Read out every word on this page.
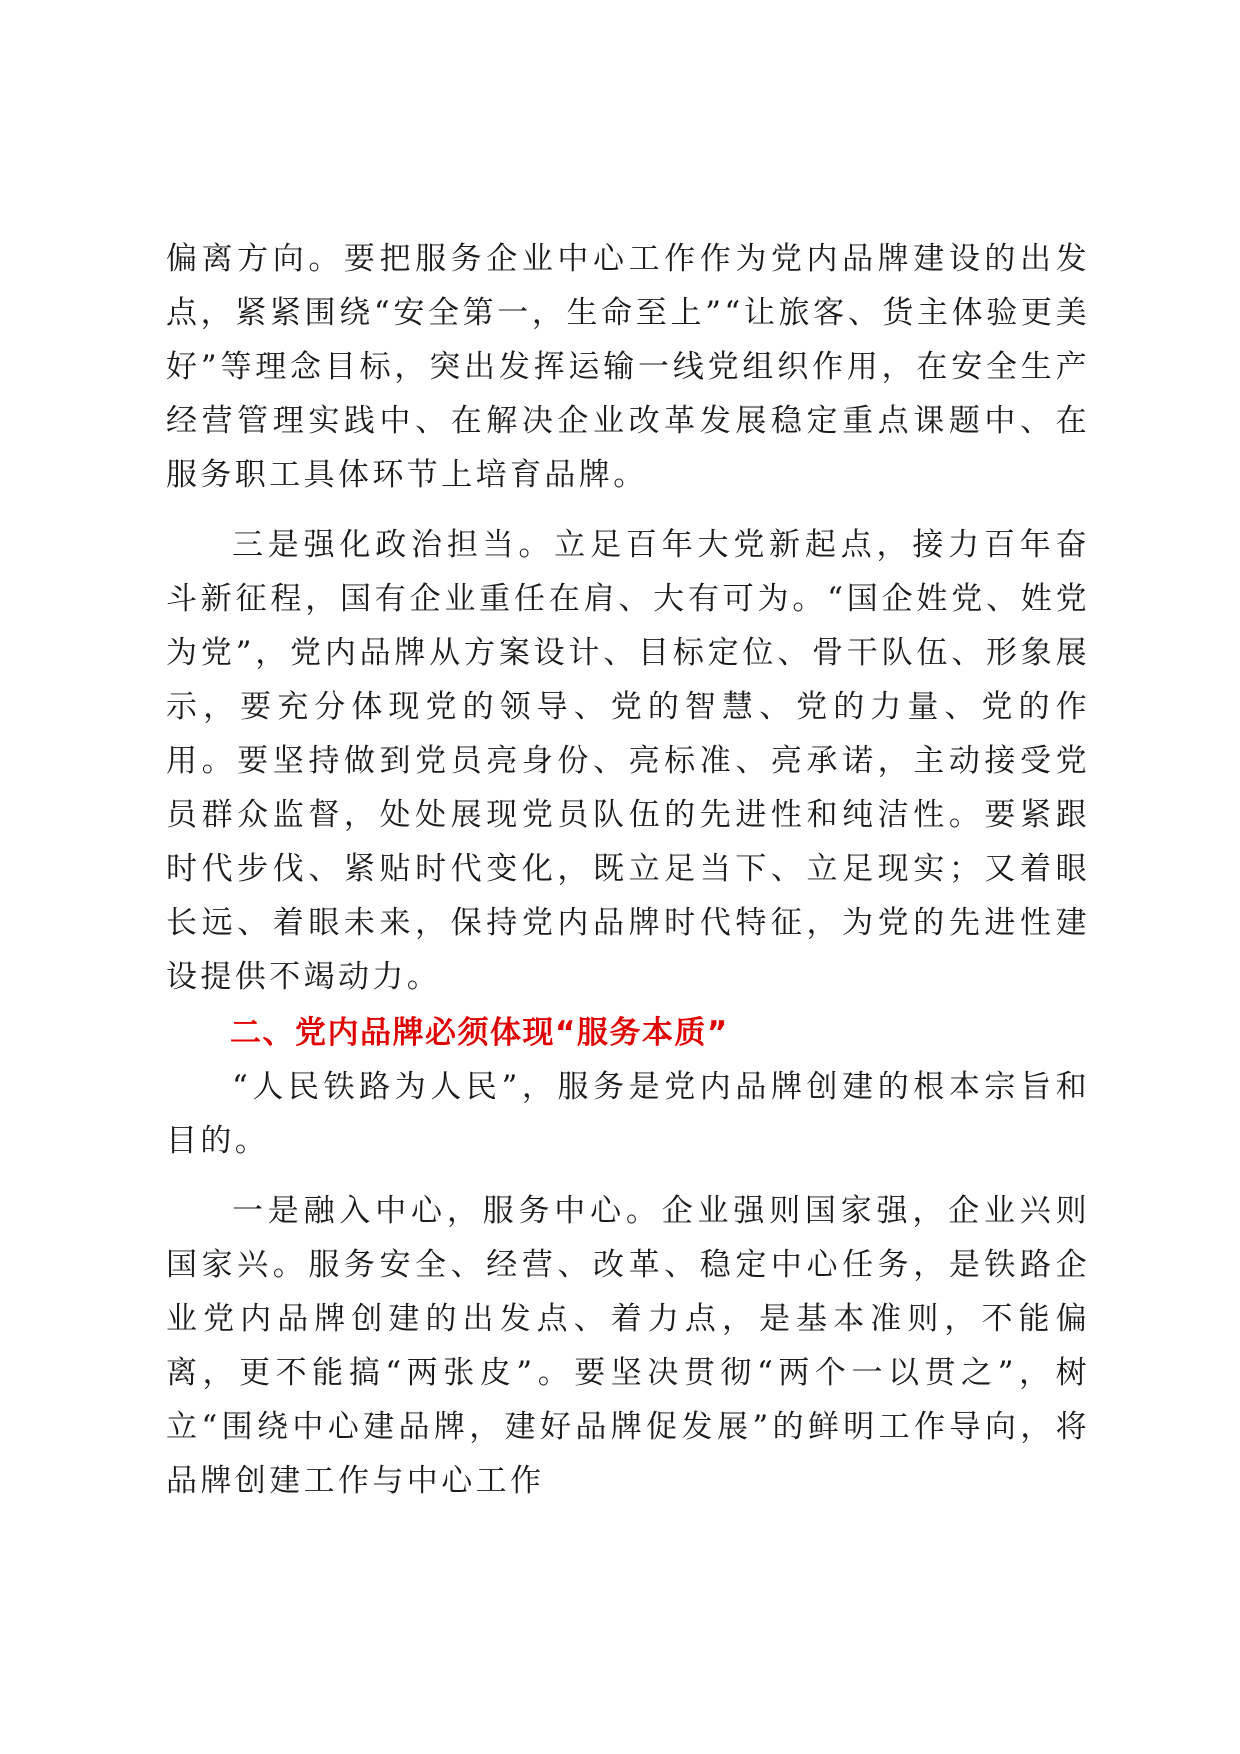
偏离方向。要把服务企业中心工作作为党内品牌建设的出发点，紧紧围绕“安全第一，生命至上”“让旅客、货主体验更美好”等理念目标，突出发挥运输一线党组织作用，在安全生产经营管理实践中、在解决企业改革发展稳定重点课题中、在服务职工具体环节上培育品牌。

三是强化政治担当。立足百年大党新起点，接力百年奋斗新征程，国有企业重任在肩、大有可为。“国企姓党、姓党为党”，党内品牌从方案设计、目标定位、骨干队伍、形象展示，要充分体现党的领导、党的智慧、党的力量、党的作用。要坚持做到党员亮身份、亮标准、亮承诺，主动接受党员群众监督，处处展现党员队伍的先进性和纯洁性。要紧跟时代步伐、紧贴时代变化，既立足当下、立足现实；又着眼长远、着眼未来，保持党内品牌时代特征，为党的先进性建设提供不竭动力。

二、党内品牌必须体现“服务本质”

“人民铁路为人民”，服务是党内品牌创建的根本宗旨和目的。

一是融入中心，服务中心。企业强则国家强，企业兴则国家兴。服务安全、经营、改革、稳定中心任务，是铁路企业党内品牌创建的出发点、着力点，是基本准则，不能偏离，更不能搞“两张皮”。要坚决贯彻“两个一以贯之”，树立“围绕中心建品牌，建好品牌促发展”的鲜明工作导向，将品牌创建工作与中心工作
